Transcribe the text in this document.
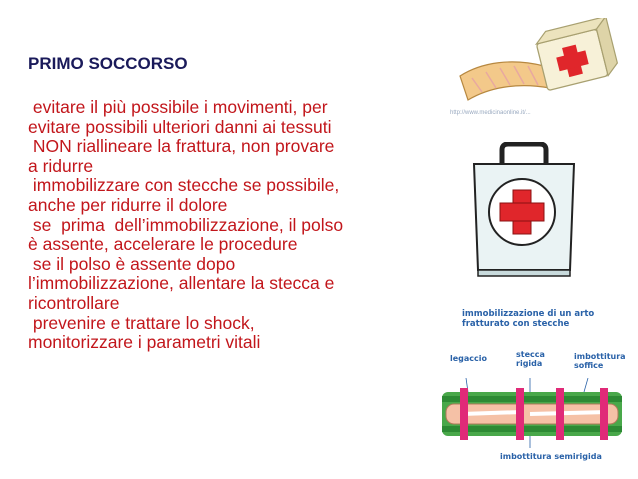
PRIMO SOCCORSO
evitare il più possibile i movimenti, per
evitare possibili ulteriori danni ai tessuti
NON riallineare la frattura, non provare
a ridurre
immobilizzare con stecche se possibile,
anche per ridurre il dolore
se  prima  dell’immobilizzazione, il polso
è assente, accelerare le procedure
se il polso è assente dopo
l’immobilizzazione, allentare la stecca e
ricontrollare
prevenire e trattare lo shock,
monitorizzare i parametri vitali
http://www.medicinaonline.it/...
immobilizzazione di un arto fratturato con stecche
legaccio	stecca rigida
imbottitura soffice
imbottitura semirigida
